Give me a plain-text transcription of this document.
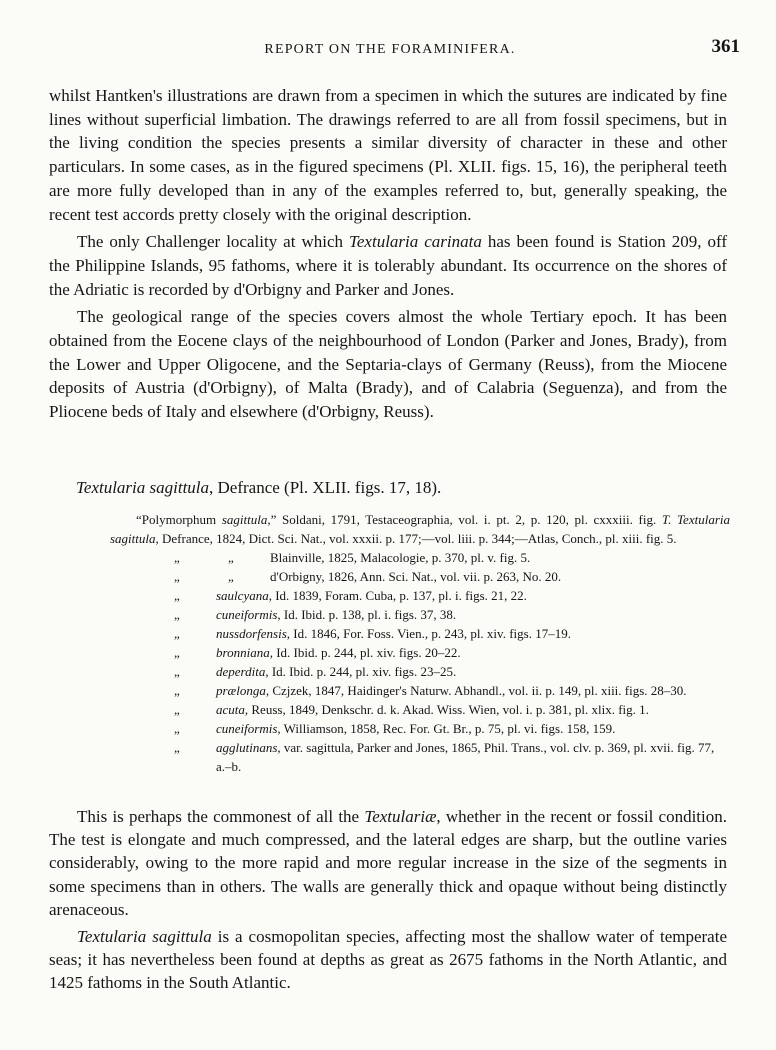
REPORT ON THE FORAMINIFERA.	361

whilst Hantken's illustrations are drawn from a specimen in which the sutures are indicated by fine lines without superficial limbation. The drawings referred to are all from fossil specimens, but in the living condition the species presents a similar diversity of character in these and other particulars. In some cases, as in the figured specimens (Pl. XLII. figs. 15, 16), the peripheral teeth are more fully developed than in any of the examples referred to, but, generally speaking, the recent test accords pretty closely with the original description.

The only Challenger locality at which Textularia carinata has been found is Station 209, off the Philippine Islands, 95 fathoms, where it is tolerably abundant. Its occurrence on the shores of the Adriatic is recorded by d'Orbigny and Parker and Jones.

The geological range of the species covers almost the whole Tertiary epoch. It has been obtained from the Eocene clays of the neighbourhood of London (Parker and Jones, Brady), from the Lower and Upper Oligocene, and the Septaria-clays of Germany (Reuss), from the Miocene deposits of Austria (d'Orbigny), of Malta (Brady), and of Calabria (Seguenza), and from the Pliocene beds of Italy and elsewhere (d'Orbigny, Reuss).

Textularia sagittula, Defrance (Pl. XLII. figs. 17, 18).
“Polymorphum sagittula,” Soldani, 1791, Testaceographia, vol. i. pt. 2, p. 120, pl. cxxxiii. fig. T. Textularia sagittula, Defrance, 1824, Dict. Sci. Nat., vol. xxxii. p. 177;—vol. liii. p. 344;—Atlas, Conch., pl. xiii. fig. 5.
„	„	Blainville, 1825, Malacologie, p. 370, pl. v. fig. 5.
„	„	d'Orbigny, 1826, Ann. Sci. Nat., vol. vii. p. 263, No. 20.
„	saulcyana, Id. 1839, Foram. Cuba, p. 137, pl. i. figs. 21, 22.
„	cuneiformis, Id. Ibid. p. 138, pl. i. figs. 37, 38.
„	nussdorfensis, Id. 1846, For. Foss. Vien., p. 243, pl. xiv. figs. 17–19.
„	bronniana, Id. Ibid. p. 244, pl. xiv. figs. 20–22.
„	deperdita, Id. Ibid. p. 244, pl. xiv. figs. 23–25.
„	prælonga, Czjzek, 1847, Haidinger's Naturw. Abhandl., vol. ii. p. 149, pl. xiii. figs. 28–30.
„	acuta, Reuss, 1849, Denkschr. d. k. Akad. Wiss. Wien, vol. i. p. 381, pl. xlix. fig. 1.
„	cuneiformis, Williamson, 1858, Rec. For. Gt. Br., p. 75, pl. vi. figs. 158, 159.
„	agglutinans, var. sagittula, Parker and Jones, 1865, Phil. Trans., vol. clv. p. 369, pl. xvii. fig. 77, a.–b.

This is perhaps the commonest of all the Textulariæ, whether in the recent or fossil condition. The test is elongate and much compressed, and the lateral edges are sharp, but the outline varies considerably, owing to the more rapid and more regular increase in the size of the segments in some specimens than in others. The walls are generally thick and opaque without being distinctly arenaceous.

Textularia sagittula is a cosmopolitan species, affecting most the shallow water of temperate seas; it has nevertheless been found at depths as great as 2675 fathoms in the North Atlantic, and 1425 fathoms in the South Atlantic.
